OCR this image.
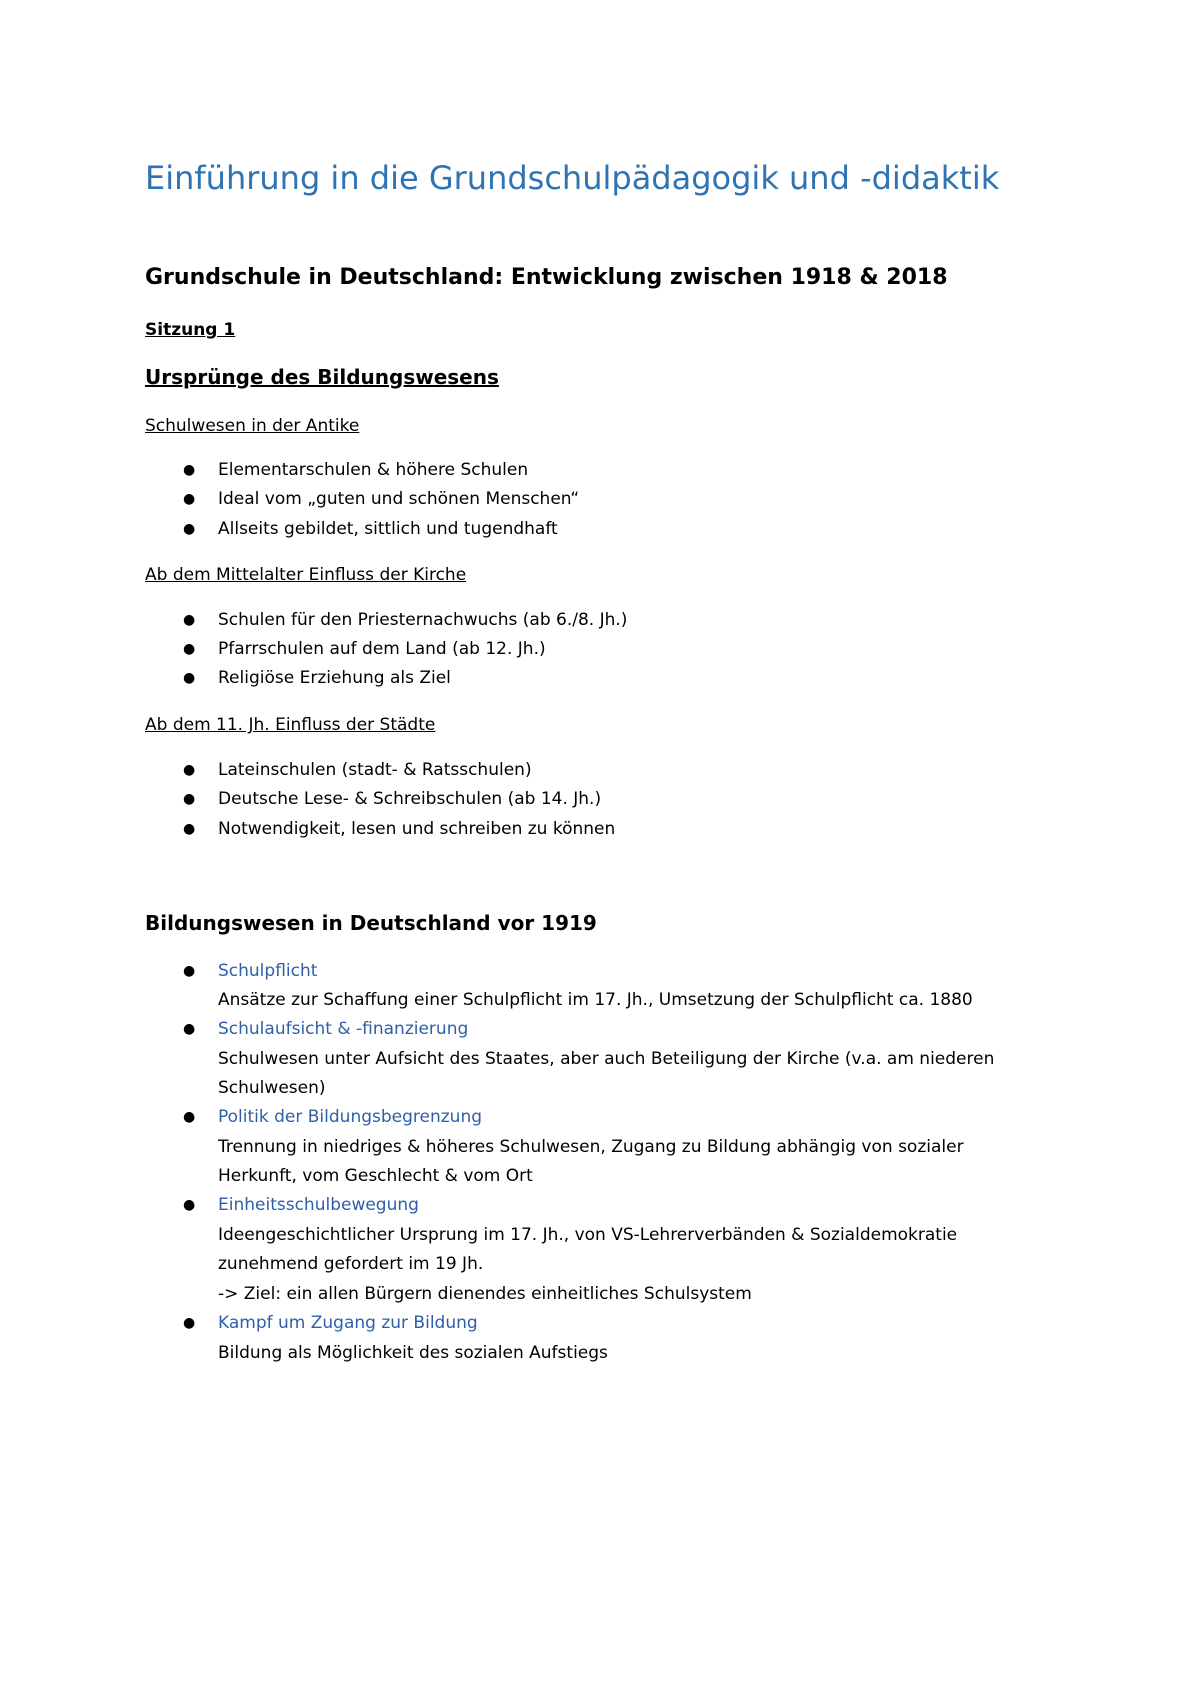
Einführung in die Grundschulpädagogik und -didaktik
Grundschule in Deutschland: Entwicklung zwischen 1918 & 2018
Sitzung 1
Ursprünge des Bildungswesens
Schulwesen in der Antike
● Elementarschulen & höhere Schulen
● Ideal vom „guten und schönen Menschen“
● Allseits gebildet, sittlich und tugendhaft
Ab dem Mittelalter Einfluss der Kirche
● Schulen für den Priesternachwuchs (ab 6./8. Jh.)
● Pfarrschulen auf dem Land (ab 12. Jh.)
● Religiöse Erziehung als Ziel
Ab dem 11. Jh. Einfluss der Städte
● Lateinschulen (stadt- & Ratsschulen)
● Deutsche Lese- & Schreibschulen (ab 14. Jh.)
● Notwendigkeit, lesen und schreiben zu können
Bildungswesen in Deutschland vor 1919
● Schulpflicht
Ansätze zur Schaffung einer Schulpflicht im 17. Jh., Umsetzung der Schulpflicht ca. 1880
● Schulaufsicht & -finanzierung
Schulwesen unter Aufsicht des Staates, aber auch Beteiligung der Kirche (v.a. am niederen
Schulwesen)
● Politik der Bildungsbegrenzung
Trennung in niedriges & höheres Schulwesen, Zugang zu Bildung abhängig von sozialer
Herkunft, vom Geschlecht & vom Ort
● Einheitsschulbewegung
Ideengeschichtlicher Ursprung im 17. Jh., von VS-Lehrerverbänden & Sozialdemokratie
zunehmend gefordert im 19 Jh.
-> Ziel: ein allen Bürgern dienendes einheitliches Schulsystem
● Kampf um Zugang zur Bildung
Bildung als Möglichkeit des sozialen Aufstiegs
